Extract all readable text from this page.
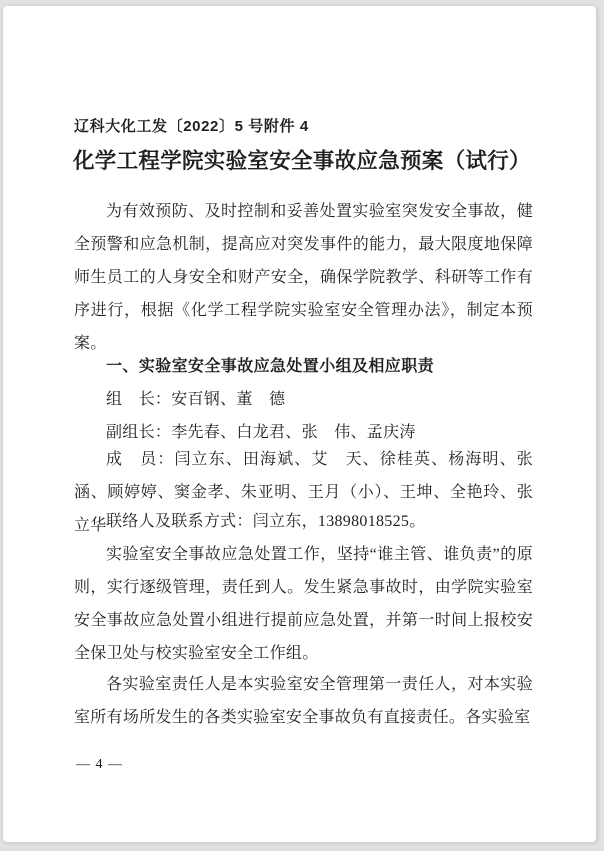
辽科大化工发〔2022〕5 号附件 4
化学工程学院实验室安全事故应急预案（试行）
为有效预防、及时控制和妥善处置实验室突发安全事故，健全预警和应急机制，提高应对突发事件的能力，最大限度地保障师生员工的人身安全和财产安全，确保学院教学、科研等工作有序进行，根据《化学工程学院实验室安全管理办法》，制定本预案。
一、实验室安全事故应急处置小组及相应职责
组　长：安百钢、董　德
副组长：李先春、白龙君、张　伟、孟庆涛
成　员：闫立东、田海斌、艾　天、徐桂英、杨海明、张　涵、顾婷婷、窦金孝、朱亚明、王月（小）、王坤、全艳玲、张立华 联络人及联系方式：闫立东，13898018525。
实验室安全事故应急处置工作，坚持“谁主管、谁负责”的原则，实行逐级管理，责任到人。发生紧急事故时，由学院实验室安全事故应急处置小组进行提前应急处置，并第一时间上报校安全保卫处与校实验室安全工作组。
各实验室责任人是本实验室安全管理第一责任人，对本实验室所有场所发生的各类实验室安全事故负有直接责任。各实验室
— 4 —
